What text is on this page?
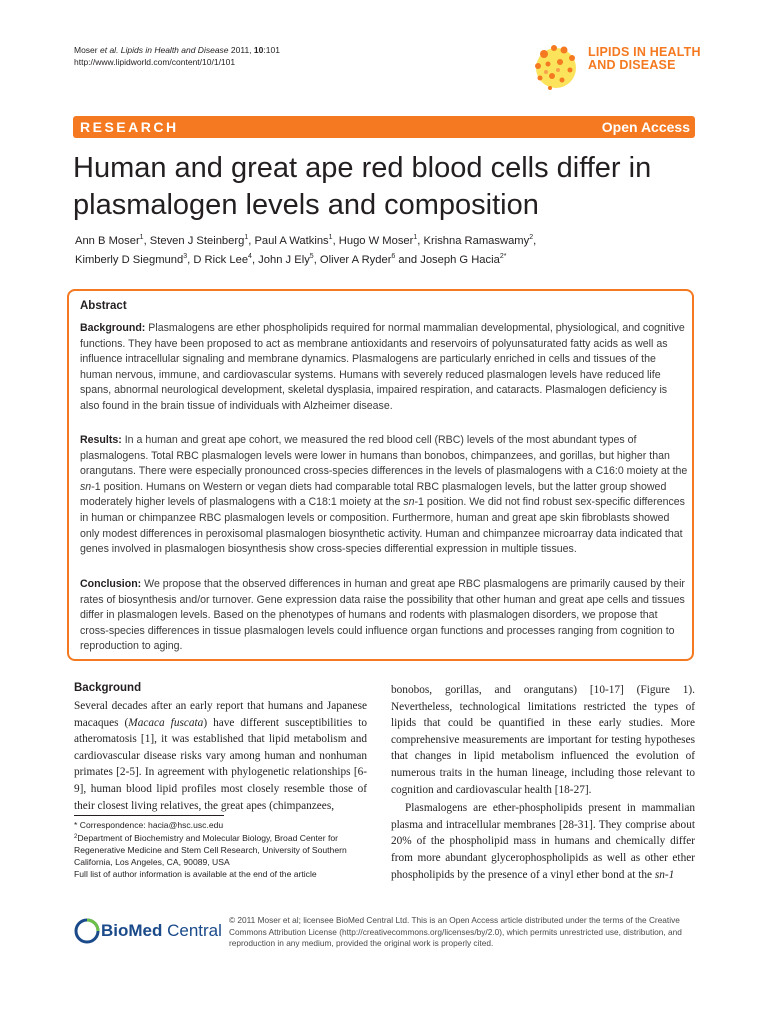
Moser et al. Lipids in Health and Disease 2011, 10:101
http://www.lipidworld.com/content/10/1/101
LIPIDS IN HEALTH
AND DISEASE
RESEARCH	Open Access
Human and great ape red blood cells differ in plasmalogen levels and composition
Ann B Moser$^1$, Steven J Steinberg$^1$, Paul A Watkins$^1$, Hugo W Moser$^1$, Krishna Ramaswamy$^2$,
Kimberly D Siegmund$^3$, D Rick Lee$^4$, John J Ely$^5$, Oliver A Ryder$^6$ and Joseph G Hacia$^{2*}$
Abstract
Background: Plasmalogens are ether phospholipids required for normal mammalian developmental, physiological, and cognitive functions. They have been proposed to act as membrane antioxidants and reservoirs of polyunsaturated fatty acids as well as influence intracellular signaling and membrane dynamics. Plasmalogens are particularly enriched in cells and tissues of the human nervous, immune, and cardiovascular systems. Humans with severely reduced plasmalogen levels have reduced life spans, abnormal neurological development, skeletal dysplasia, impaired respiration, and cataracts. Plasmalogen deficiency is also found in the brain tissue of individuals with Alzheimer disease.
Results: In a human and great ape cohort, we measured the red blood cell (RBC) levels of the most abundant types of plasmalogens. Total RBC plasmalogen levels were lower in humans than bonobos, chimpanzees, and gorillas, but higher than orangutans. There were especially pronounced cross-species differences in the levels of plasmalogens with a C16:0 moiety at the sn-1 position. Humans on Western or vegan diets had comparable total RBC plasmalogen levels, but the latter group showed moderately higher levels of plasmalogens with a C18:1 moiety at the sn-1 position. We did not find robust sex-specific differences in human or chimpanzee RBC plasmalogen levels or composition. Furthermore, human and great ape skin fibroblasts showed only modest differences in peroxisomal plasmalogen biosynthetic activity. Human and chimpanzee microarray data indicated that genes involved in plasmalogen biosynthesis show cross-species differential expression in multiple tissues.
Conclusion: We propose that the observed differences in human and great ape RBC plasmalogens are primarily caused by their rates of biosynthesis and/or turnover. Gene expression data raise the possibility that other human and great ape cells and tissues differ in plasmalogen levels. Based on the phenotypes of humans and rodents with plasmalogen disorders, we propose that cross-species differences in tissue plasmalogen levels could influence organ functions and processes ranging from cognition to reproduction to aging.
Background

Several decades after an early report that humans and Japanese macaques (Macaca fuscata) have different susceptibilities to atheromatosis [1], it was established that lipid metabolism and cardiovascular disease risks vary among human and nonhuman primates [2-5]. In agreement with phylogenetic relationships [6-9], human blood lipid profiles most closely resemble those of their closest living relatives, the great apes (chimpanzees,

bonobos, gorillas, and orangutans) [10-17] (Figure 1). Nevertheless, technological limitations restricted the types of lipids that could be quantified in these early studies. More comprehensive measurements are important for testing hypotheses that changes in lipid metabolism influenced the evolution of numerous traits in the human lineage, including those relevant to cognition and cardiovascular health [18-27].

Plasmalogens are ether-phospholipids present in mammalian plasma and intracellular membranes [28-31]. They comprise about 20% of the phospholipid mass in humans and chemically differ from more abundant glycerophospholipids as well as other ether phospholipids by the presence of a vinyl ether bond at the sn-1

* Correspondence: hacia@hsc.usc.edu
$^2$Department of Biochemistry and Molecular Biology, Broad Center for Regenerative Medicine and Stem Cell Research, University of Southern California, Los Angeles, CA, 90089, USA
Full list of author information is available at the end of the article
BioMed Central
© 2011 Moser et al; licensee BioMed Central Ltd. This is an Open Access article distributed under the terms of the Creative Commons Attribution License (http://creativecommons.org/licenses/by/2.0), which permits unrestricted use, distribution, and reproduction in any medium, provided the original work is properly cited.
